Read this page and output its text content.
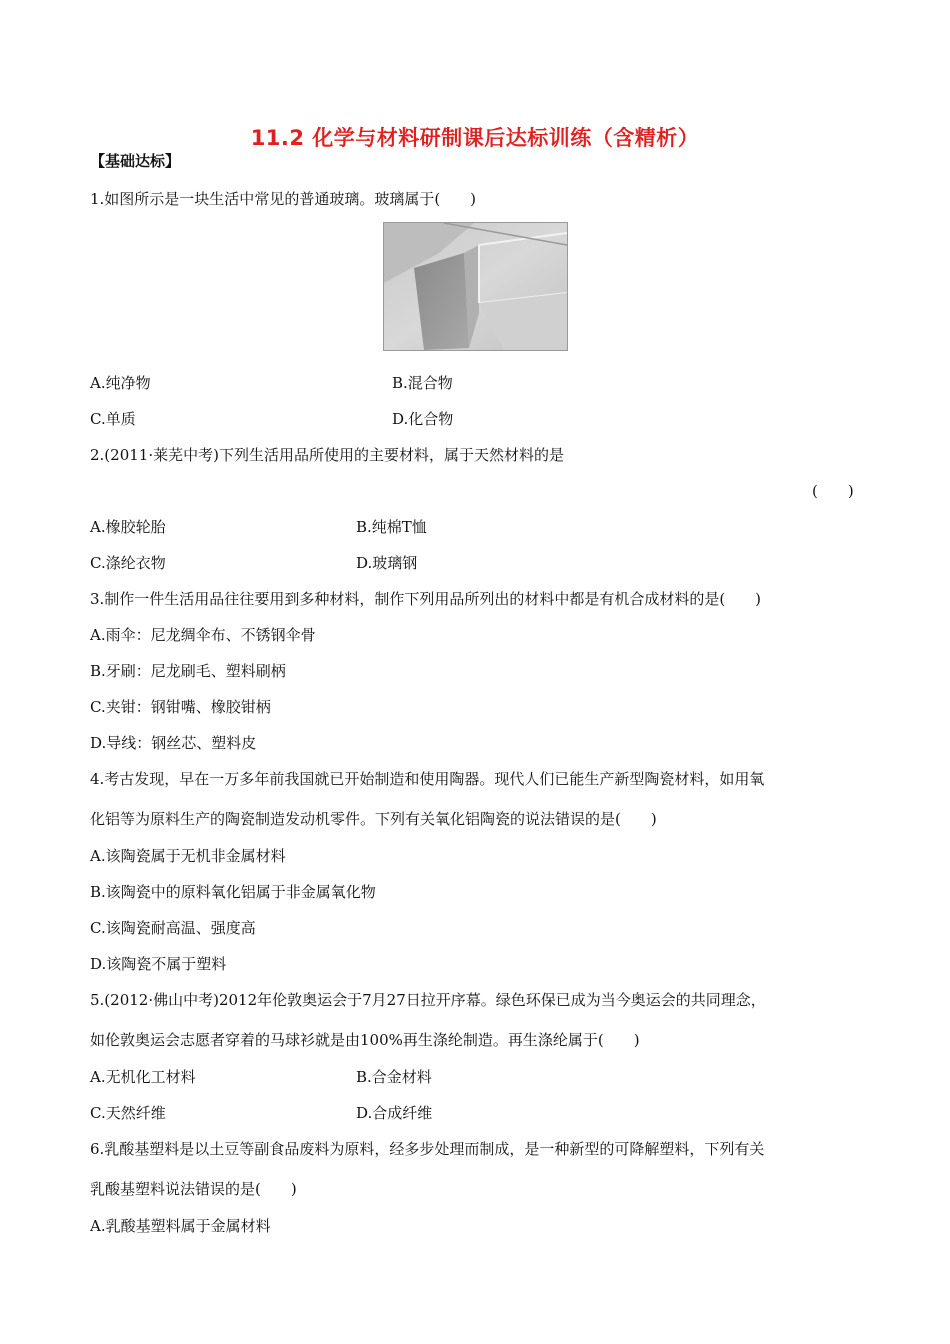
11.2 化学与材料研制课后达标训练（含精析）
【基础达标】
1.如图所示是一块生活中常见的普通玻璃。玻璃属于(　　)
A.纯净物	B.混合物
C.单质	D.化合物
2.(2011·莱芜中考)下列生活用品所使用的主要材料，属于天然材料的是
(　　)
A.橡胶轮胎	B.纯棉T恤
C.涤纶衣物	D.玻璃钢
3.制作一件生活用品往往要用到多种材料，制作下列用品所列出的材料中都是有机合成材料的是(　　)
A.雨伞：尼龙绸伞布、不锈钢伞骨
B.牙刷：尼龙刷毛、塑料刷柄
C.夹钳：钢钳嘴、橡胶钳柄
D.导线：钢丝芯、塑料皮
4.考古发现，早在一万多年前我国就已开始制造和使用陶器。现代人们已能生产新型陶瓷材料，如用氧
化铝等为原料生产的陶瓷制造发动机零件。下列有关氧化铝陶瓷的说法错误的是(　　)
A.该陶瓷属于无机非金属材料
B.该陶瓷中的原料氧化铝属于非金属氧化物
C.该陶瓷耐高温、强度高
D.该陶瓷不属于塑料
5.(2012·佛山中考)2012年伦敦奥运会于7月27日拉开序幕。绿色环保已成为当今奥运会的共同理念，
如伦敦奥运会志愿者穿着的马球衫就是由100%再生涤纶制造。再生涤纶属于(　　)
A.无机化工材料	B.合金材料
C.天然纤维	D.合成纤维
6.乳酸基塑料是以土豆等副食品废料为原料，经多步处理而制成，是一种新型的可降解塑料，下列有关
乳酸基塑料说法错误的是(　　)
A.乳酸基塑料属于金属材料
